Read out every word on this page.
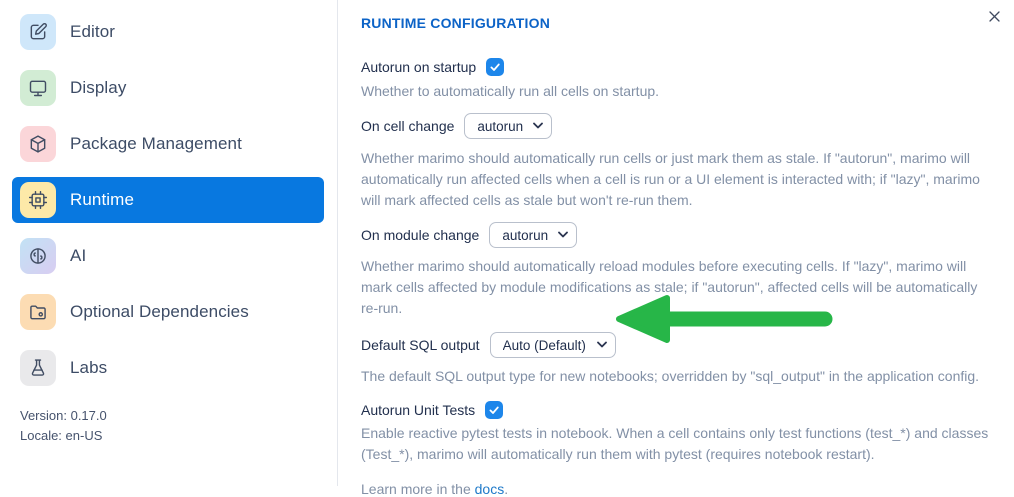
Editor
Display
Package Management
Runtime
AI
Optional Dependencies
Labs
Version: 0.17.0
Locale: en-US
RUNTIME CONFIGURATION
Autorun on startup

Whether to automatically run all cells on startup.

On cell change
autorun

Whether marimo should automatically run cells or just mark them as stale. If "autorun", marimo will automatically run affected cells when a cell is run or a UI element is interacted with; if "lazy", marimo will mark affected cells as stale but won't re-run them.

On module change
autorun

Whether marimo should automatically reload modules before executing cells. If "lazy", marimo will mark cells affected by module modifications as stale; if "autorun", affected cells will be automatically re-run.

Default SQL output
Auto (Default)

The default SQL output type for new notebooks; overridden by "sql_output" in the application config.

Autorun Unit Tests

Enable reactive pytest tests in notebook. When a cell contains only test functions (test_*) and classes (Test_*), marimo will automatically run them with pytest (requires notebook restart).

Learn more in the docs.
